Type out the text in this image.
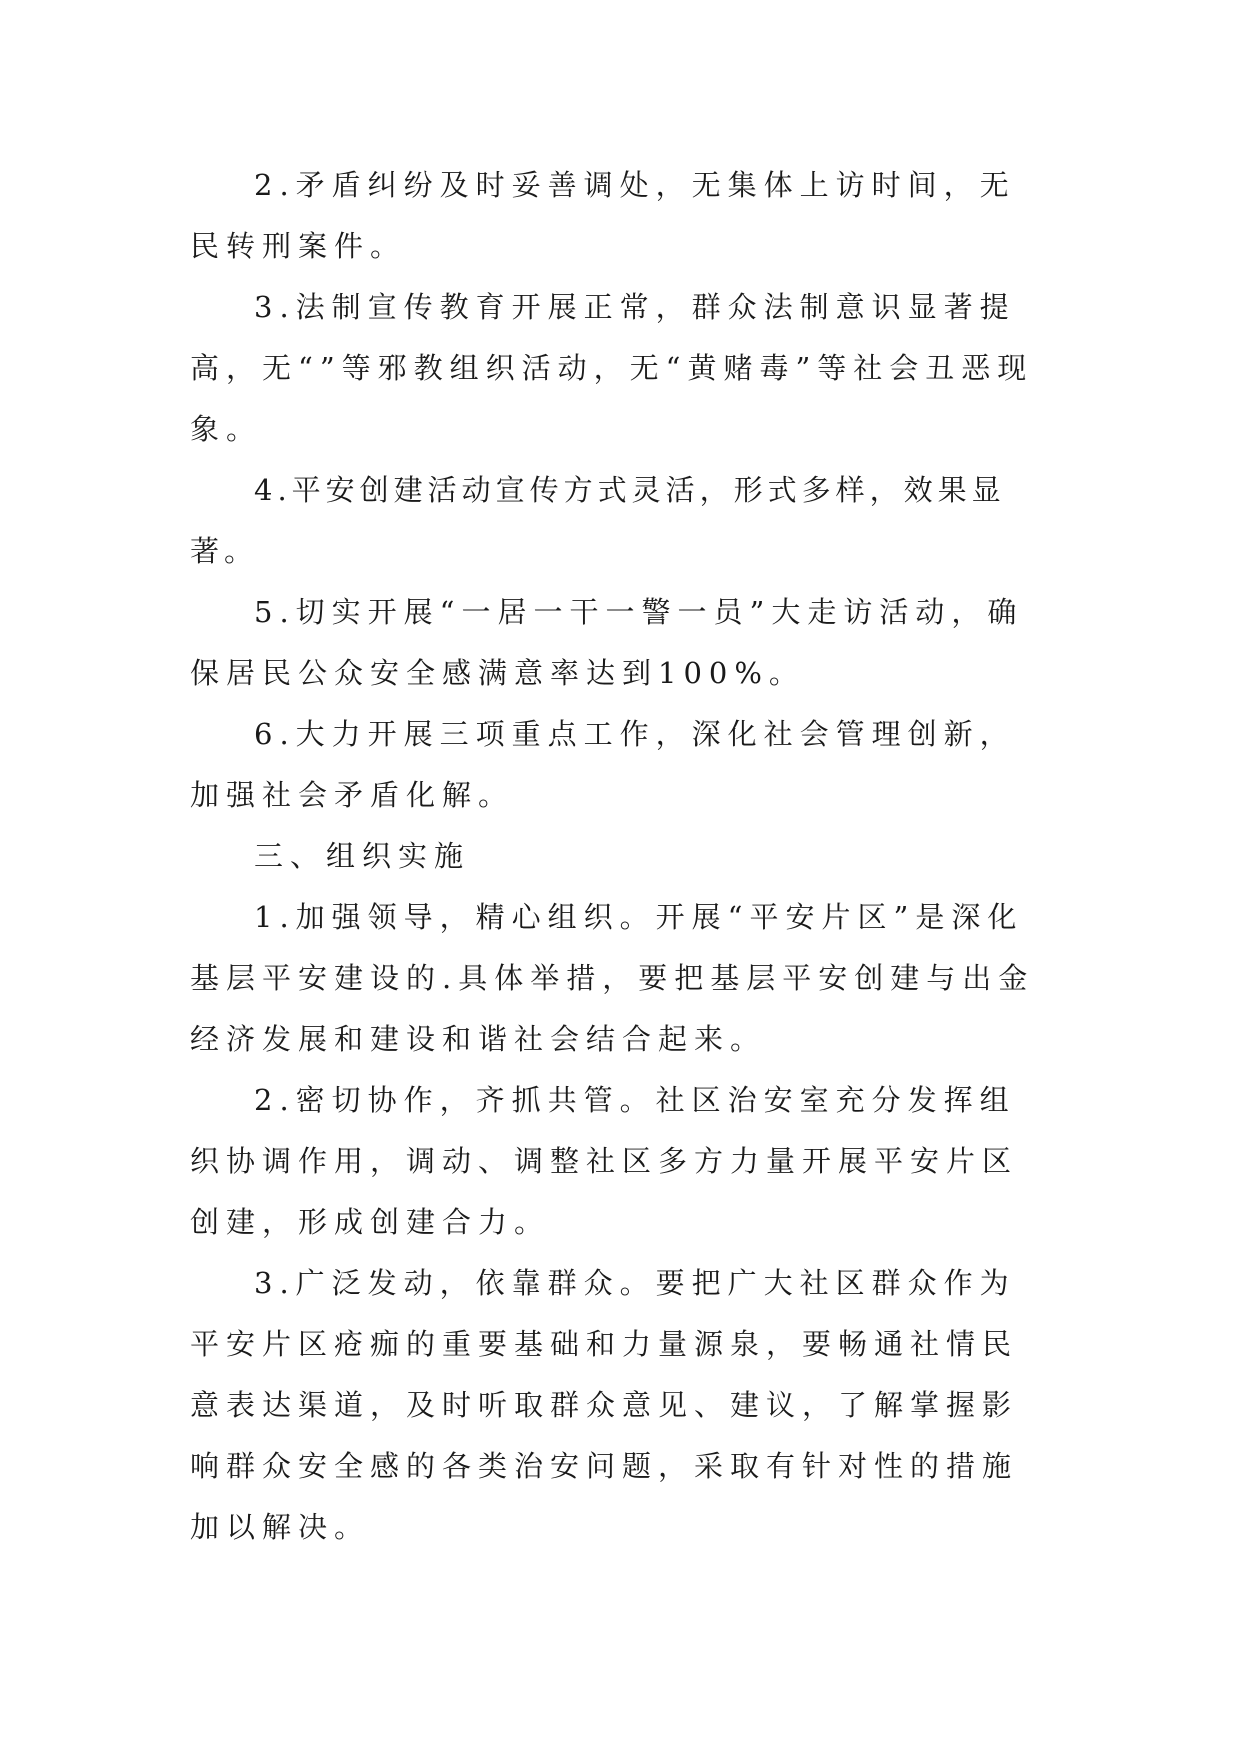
2.矛盾纠纷及时妥善调处，无集体上访时间，无民转刑案件。

3.法制宣传教育开展正常，群众法制意识显著提高，无“”等邪教组织活动，无“黄赌毒”等社会丑恶现象。

4.平安创建活动宣传方式灵活，形式多样，效果显著。

5.切实开展“一居一干一警一员”大走访活动，确保居民公众安全感满意率达到100%。

6.大力开展三项重点工作，深化社会管理创新，加强社会矛盾化解。

三、组织实施

1.加强领导，精心组织。开展“平安片区”是深化基层平安建设的.具体举措，要把基层平安创建与出金经济发展和建设和谐社会结合起来。

2.密切协作，齐抓共管。社区治安室充分发挥组织协调作用，调动、调整社区多方力量开展平安片区创建，形成创建合力。

3.广泛发动，依靠群众。要把广大社区群众作为平安片区疮痂的重要基础和力量源泉，要畅通社情民意表达渠道，及时听取群众意见、建议，了解掌握影响群众安全感的各类治安问题，采取有针对性的措施加以解决。
